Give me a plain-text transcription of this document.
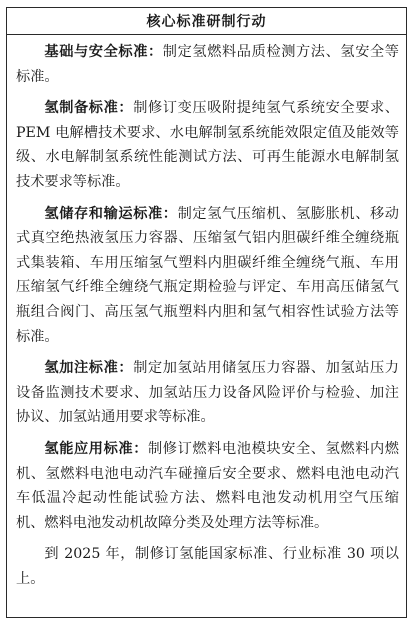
核心标准研制行动

基础与安全标准：制定氢燃料品质检测方法、氢安全等标准。

氢制备标准：制修订变压吸附提纯氢气系统安全要求、PEM 电解槽技术要求、水电解制氢系统能效限定值及能效等级、水电解制氢系统性能测试方法、可再生能源水电解制氢技术要求等标准。

氢储存和输运标准：制定氢气压缩机、氢膨胀机、移动式真空绝热液氢压力容器、压缩氢气铝内胆碳纤维全缠绕瓶式集装箱、车用压缩氢气塑料内胆碳纤维全缠绕气瓶、车用压缩氢气纤维全缠绕气瓶定期检验与评定、车用高压储氢气瓶组合阀门、高压氢气瓶塑料内胆和氢气相容性试验方法等标准。

氢加注标准：制定加氢站用储氢压力容器、加氢站压力设备监测技术要求、加氢站压力设备风险评价与检验、加注协议、加氢站通用要求等标准。

氢能应用标准：制修订燃料电池模块安全、氢燃料内燃机、氢燃料电池电动汽车碰撞后安全要求、燃料电池电动汽车低温冷起动性能试验方法、燃料电池发动机用空气压缩机、燃料电池发动机故障分类及处理方法等标准。

到 2025 年，制修订氢能国家标准、行业标准 30 项以上。
